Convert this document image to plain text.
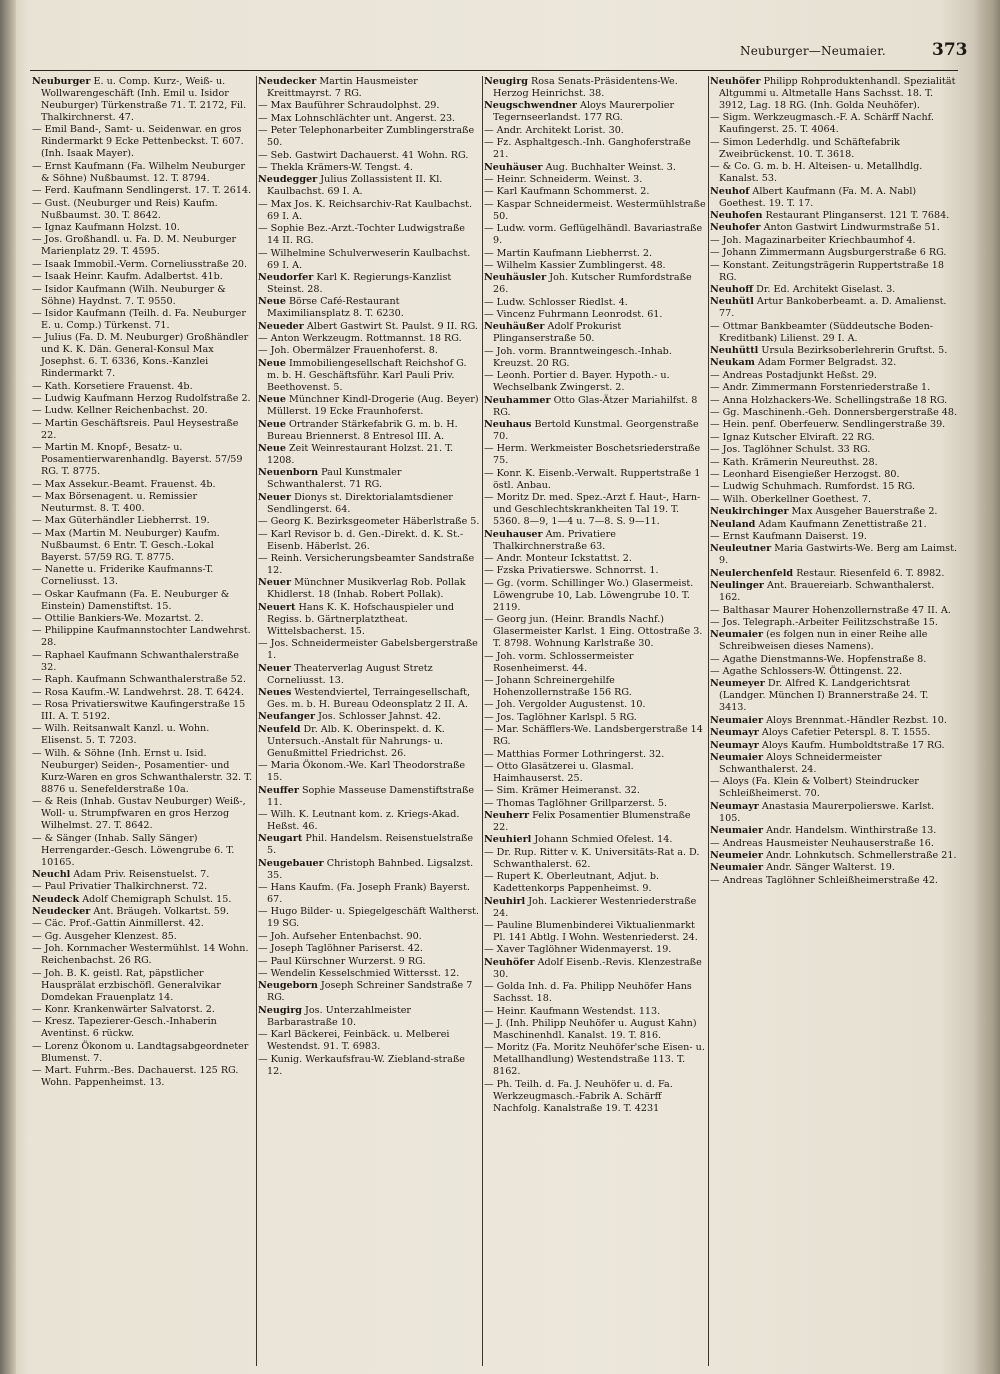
Neuburger—Neumaier.	373
Neuburger E. u. Comp. Kurz-, Weiß- u. Wollwarengeschäft (Inh. Emil u. Isidor Neuburger) Türkenstraße 71. T. 2172, Fil. Thalkirchnerst. 47.
— Emil Band-, Samt- u. Seidenwar. en gros Rindermarkt 9 Ecke Pettenbeckst. T. 607. (Inh. Isaak Mayer).
— Ernst Kaufmann (Fa. Wilhelm Neuburger & Söhne) Nußbaumst. 12. T. 8794.
— Ferd. Kaufmann Sendlingerst. 17. T. 2614.
— Gust. (Neuburger und Reis) Kaufm. Nußbaumst. 30. T. 8642.
— Ignaz Kaufmann Holzst. 10.
— Jos. Großhandl. u. Fa. D. M. Neuburger Marienplatz 29. T. 4595.
— Isaak Immobil.-Verm. Corneliusstraße 20.
— Isaak Heinr. Kaufm. Adalbertst. 41b.
— Isidor Kaufmann (Wilh. Neuburger & Söhne) Haydnst. 7. T. 9550.
— Isidor Kaufmann (Teilh. d. Fa. Neuburger E. u. Comp.) Türkenst. 71.
— Julius (Fa. D. M. Neuburger) Großhändler und K. K. Dän. General-Konsul Max Josephst. 6. T. 6336, Kons.-Kanzlei Rindermarkt 7.
— Kath. Korsetiere Frauenst. 4b.
— Ludwig Kaufmann Herzog Rudolfstraße 2.
— Ludw. Kellner Reichenbachst. 20.
— Martin Geschäftsreis. Paul Heysestraße 22.
— Martin M. Knopf-, Besatz- u. Posamentierwarenhandlg. Bayerst. 57/59 RG. T. 8775.
— Max Assekur.-Beamt. Frauenst. 4b.
— Max Börsenagent. u. Remissier Neuturmst. 8. T. 400.
— Max Güterhändler Liebherrst. 19.
— Max (Martin M. Neuburger) Kaufm. Nußbaumst. 6 Entr. T. Gesch.-Lokal Bayerst. 57/59 RG. T. 8775.
— Nanette u. Friderike Kaufmanns-T. Corneliusst. 13.
— Oskar Kaufmann (Fa. E. Neuburger & Einstein) Damenstiftst. 15.
— Ottilie Bankiers-We. Mozartst. 2.
— Philippine Kaufmannstochter Landwehrst. 28.
— Raphael Kaufmann Schwanthalerstraße 32.
— Raph. Kaufmann Schwanthalerstraße 52.
— Rosa Kaufm.-W. Landwehrst. 28. T. 6424.
— Rosa Privatierswitwe Kaufingerstraße 15 III. A. T. 5192.
— Wilh. Reitsanwalt Kanzl. u. Wohn. Elisenst. 5. T. 7203.
— Wilh. & Söhne (Inh. Ernst u. Isid. Neuburger) Seiden-, Posamentier- und Kurz-Waren en gros Schwanthalerstr. 32. T. 8876 u. Senefelderstraße 10a.
— & Reis (Inhab. Gustav Neuburger) Weiß-, Woll- u. Strumpfwaren en gros Herzog Wilhelmst. 27. T. 8642.
— & Sänger (Inhab. Sally Sänger) Herrengarder.-Gesch. Löwengrube 6. T. 10165.
Neuchl Adam Priv. Reisenstuelst. 7.
— Paul Privatier Thalkirchnerst. 72.
Neudeck Adolf Chemigraph Schulst. 15.
Neudecker Ant. Bräugeh. Volkartst. 59.
— Cäc. Prof.-Gattin Ainmillerst. 42.
— Gg. Ausgeher Klenzest. 85.
— Joh. Kornmacher Westermühlst. 14 Wohn. Reichenbachst. 26 RG.
— Joh. B. K. geistl. Rat, päpstlicher Hausprälat erzbischöfl. Generalvikar Domdekan Frauenplatz 14.
— Konr. Krankenwärter Salvatorst. 2.
— Kresz. Tapezierer-Gesch.-Inhaberin Aventinst. 6 rückw.
— Lorenz Ökonom u. Landtagsabgeordneter Blumenst. 7.
— Mart. Fuhrm.-Bes. Dachauerst. 125 RG. Wohn. Pappenheimst. 13.
Neudecker Martin Hausmeister Kreittmayrst. 7 RG.
— Max Bauführer Schraudolphst. 29.
— Max Lohnschlächter unt. Angerst. 23.
— Peter Telephonarbeiter Zumblingerstraße 50.
— Seb. Gastwirt Dachauerst. 41 Wohn. RG.
— Thekla Krämers-W. Tengst. 4.
Neudegger Julius Zollassistent II. Kl. Kaulbachst. 69 I. A.
— Max Jos. K. Reichsarchiv-Rat Kaulbachst. 69 I. A.
— Sophie Bez.-Arzt.-Tochter Ludwigstraße 14 II. RG.
— Wilhelmine Schulverweserin Kaulbachst. 69 I. A.
Neudorfer Karl K. Regierungs-Kanzlist Steinst. 28.
Neue Börse Café-Restaurant Maximiliansplatz 8. T. 6230.
Neueder Albert Gastwirt St. Paulst. 9 II. RG.
— Anton Werkzeugm. Rottmannst. 18 RG.
— Joh. Obermälzer Frauenhoferst. 8.
Neue Immobiliengesellschaft Reichshof G. m. b. H. Geschäftsführ. Karl Pauli Priv. Beethovenst. 5.
Neue Münchner Kindl-Drogerie (Aug. Beyer) Müllerst. 19 Ecke Fraunhoferst.
Neue Ortrander Stärkefabrik G. m. b. H. Bureau Briennerst. 8 Entresol III. A.
Neue Zeit Weinrestaurant Holzst. 21. T. 1208.
Neuenborn Paul Kunstmaler Schwanthalerst. 71 RG.
Neuer Dionys st. Direktorialamtsdiener Sendlingerst. 64.
— Georg K. Bezirksgeometer Häberlstraße 5.
— Karl Revisor b. d. Gen.-Direkt. d. K. St.-Eisenb. Häberlst. 26.
— Reinh. Versicherungsbeamter Sandstraße 12.
Neuer Münchner Musikverlag Rob. Pollak Khidlerst. 18 (Inhab. Robert Pollak).
Neuert Hans K. K. Hofschauspieler und Regiss. b. Gärtnerplatztheat. Wittelsbacherst. 15.
— Jos. Schneidermeister Gabelsbergerstraße 1.
Neuer Theaterverlag August Stretz Corneliusst. 13.
Neues Westendviertel, Terraingesellschaft, Ges. m. b. H. Bureau Odeonsplatz 2 II. A.
Neufanger Jos. Schlosser Jahnst. 42.
Neufeld Dr. Alb. K. Oberinspekt. d. K. Untersuch.-Anstalt für Nahrungs- u. Genußmittel Friedrichst. 26.
— Maria Ökonom.-We. Karl Theodorstraße 15.
Neuffer Sophie Masseuse Damenstiftstraße 11.
— Wilh. K. Leutnant kom. z. Kriegs-Akad. Heßst. 46.
Neugart Phil. Handelsm. Reisenstuelstraße 5.
Neugebauer Christoph Bahnbed. Ligsalzst. 35.
— Hans Kaufm. (Fa. Joseph Frank) Bayerst. 67.
— Hugo Bilder- u. Spiegelgeschäft Waltherst. 19 SG.
— Joh. Aufseher Entenbachst. 90.
— Joseph Taglöhner Pariserst. 42.
— Paul Kürschner Wurzerst. 9 RG.
— Wendelin Kesselschmied Wittersst. 12.
Neugeborn Joseph Schreiner Sandstraße 7 RG.
Neugirg Jos. Unterzahlmeister Barbarastraße 10.
— Karl Bäckerei, Feinbäck. u. Melberei Westendst. 91. T. 6983.
— Kunig. Werkaufsfrau-W. Ziebland-straße 12.
Neugirg Rosa Senats-Präsidentens-We. Herzog Heinrichst. 38.
Neugschwendner Aloys Maurerpolier Tegernseerlandst. 177 RG.
— Andr. Architekt Lorist. 30.
— Fz. Asphaltgesch.-Inh. Ganghoferstraße 21.
Neuhäuser Aug. Buchhalter Weinst. 3.
— Heinr. Schneiderm. Weinst. 3.
— Karl Kaufmann Schommerst. 2.
— Kaspar Schneidermeist. Westermühlstraße 50.
— Ludw. vorm. Geflügelhändl. Bavariastraße 9.
— Martin Kaufmann Liebherrst. 2.
— Wilhelm Kassier Zumblingerst. 48.
Neuhäusler Joh. Kutscher Rumfordstraße 26.
— Ludw. Schlosser Riedlst. 4.
— Vincenz Fuhrmann Leonrodst. 61.
Neuhäußer Adolf Prokurist Plinganserstraße 50.
— Joh. vorm. Branntweingesch.-Inhab. Kreuzst. 20 RG.
— Leonh. Portier d. Bayer. Hypoth.- u. Wechselbank Zwingerst. 2.
Neuhammer Otto Glas-Ätzer Mariahilfst. 8 RG.
Neuhaus Bertold Kunstmal. Georgenstraße 70.
— Herm. Werkmeister Boschetsriederstraße 75.
— Konr. K. Eisenb.-Verwalt. Ruppertstraße 1 östl. Anbau.
— Moritz Dr. med. Spez.-Arzt f. Haut-, Harn- und Geschlechtskrankheiten Tal 19. T. 5360. 8—9, 1—4 u. 7—8. S. 9—11.
Neuhauser Am. Privatiere Thalkirchnerstraße 63.
— Andr. Monteur Ickstattst. 2.
— Fzska Privatierswe. Schnorrst. 1.
— Gg. (vorm. Schillinger Wo.) Glasermeist. Löwengrube 10, Lab. Löwengrube 10. T. 2119.
— Georg jun. (Heinr. Brandls Nachf.) Glasermeister Karlst. 1 Eing. Ottostraße 3. T. 8798. Wohnung Karlstraße 30.
— Joh. vorm. Schlossermeister Rosenheimerst. 44.
— Johann Schreinergehilfe Hohenzollernstraße 156 RG.
— Joh. Vergolder Augustenst. 10.
— Jos. Taglöhner Karlspl. 5 RG.
— Mar. Schäfflers-We. Landsbergerstraße 14 RG.
— Matthias Former Lothringerst. 32.
— Otto Glasätzerei u. Glasmal. Haimhauserst. 25.
— Sim. Krämer Heimeranst. 32.
— Thomas Taglöhner Grillparzerst. 5.
Neuherr Felix Posamentier Blumenstraße 22.
Neuhierl Johann Schmied Ofelest. 14.
— Dr. Rup. Ritter v. K. Universitäts-Rat a. D. Schwanthalerst. 62.
— Rupert K. Oberleutnant, Adjut. b. Kadettenkorps Pappenheimst. 9.
Neuhirl Joh. Lackierer Westenriederstraße 24.
— Pauline Blumenbinderei Viktualienmarkt Pl. 141 Abtlg. I Wohn. Westenriederst. 24.
— Xaver Taglöhner Widenmayerst. 19.
Neuhöfer Adolf Eisenb.-Revis. Klenzestraße 30.
— Golda Inh. d. Fa. Philipp Neuhöfer Hans Sachsst. 18.
— Heinr. Kaufmann Westendst. 113.
— J. (Inh. Philipp Neuhöfer u. August Kahn) Maschinenhdl. Kanalst. 19. T. 816.
— Moritz (Fa. Moritz Neuhöfer'sche Eisen- u. Metallhandlung) Westendstraße 113. T. 8162.
— Ph. Teilh. d. Fa. J. Neuhöfer u. d. Fa. Werkzeugmasch.-Fabrik A. Schärff Nachfolg. Kanalstraße 19. T. 4231
Neuhöfer Philipp Rohproduktenhandl. Spezialität Altgummi u. Altmetalle Hans Sachsst. 18. T. 3912, Lag. 18 RG. (Inh. Golda Neuhöfer).
— Sigm. Werkzeugmasch.-F. A. Schärff Nachf. Kaufingerst. 25. T. 4064.
— Simon Lederhdlg. und Schäftefabrik Zweibrückenst. 10. T. 3618.
— & Co. G. m. b. H. Alteisen- u. Metallhdlg. Kanalst. 53.
Neuhof Albert Kaufmann (Fa. M. A. Nabl) Goethest. 19. T. 17.
Neuhofen Restaurant Plinganserst. 121 T. 7684.
Neuhofer Anton Gastwirt Lindwurmstraße 51.
— Joh. Magazinarbeiter Kriechbaumhof 4.
— Johann Zimmermann Augsburgerstraße 6 RG.
— Konstant. Zeitungsträgerin Ruppertstraße 18 RG.
Neuhoff Dr. Ed. Architekt Giselast. 3.
Neuhütl Artur Bankoberbeamt. a. D. Amalienst. 77.
— Ottmar Bankbeamter (Süddeutsche Boden-Kreditbank) Lilienst. 29 I. A.
Neuhüttl Ursula Bezirksoberlehrerin Gruftst. 5.
Neukam Adam Former Belgradst. 32.
— Andreas Postadjunkt Heßst. 29.
— Andr. Zimmermann Forstenriederstraße 1.
— Anna Holzhackers-We. Schellingstraße 18 RG.
— Gg. Maschinenh.-Geh. Donnersbergerstraße 48.
— Hein. penf. Oberfeuerw. Sendlingerstraße 39.
— Ignaz Kutscher Elviraft. 22 RG.
— Jos. Taglöhner Schulst. 33 RG.
— Kath. Krämerin Neureuthst. 28.
— Leonhard Eisengießer Herzogst. 80.
— Ludwig Schuhmach. Rumfordst. 15 RG.
— Wilh. Oberkellner Goethest. 7.
Neukirchinger Max Ausgeher Bauerstraße 2.
Neuland Adam Kaufmann Zenettistraße 21.
— Ernst Kaufmann Daiserst. 19.
Neuleutner Maria Gastwirts-We. Berg am Laimst. 9.
Neulerchenfeld Restaur. Riesenfeld 6. T. 8982.
Neulinger Ant. Brauereiarb. Schwanthalerst. 162.
— Balthasar Maurer Hohenzollernstraße 47 II. A.
— Jos. Telegraph.-Arbeiter Feilitzschstraße 15.
Neumaier (es folgen nun in einer Reihe alle Schreibweisen dieses Namens).
— Agathe Dienstmanns-We. Hopfenstraße 8.
— Agathe Schlossers-W. Öttingenst. 22.
Neumeyer Dr. Alfred K. Landgerichtsrat (Landger. München I) Brannerstraße 24. T. 3413.
Neumaier Aloys Brennmat.-Händler Rezbst. 10.
Neumayr Aloys Cafetier Peterspl. 8. T. 1555.
Neumayr Aloys Kaufm. Humboldtstraße 17 RG.
Neumaier Aloys Schneidermeister Schwanthalerst. 24.
— Aloys (Fa. Klein & Volbert) Steindrucker Schleißheimerst. 70.
Neumayr Anastasia Maurerpolierswe. Karlst. 105.
Neumaier Andr. Handelsm. Winthirstraße 13.
— Andreas Hausmeister Neuhauserstraße 16.
Neumeier Andr. Lohnkutsch. Schmellerstraße 21.
Neumaier Andr. Sänger Walterst. 19.
— Andreas Taglöhner Schleißheimerstraße 42.
